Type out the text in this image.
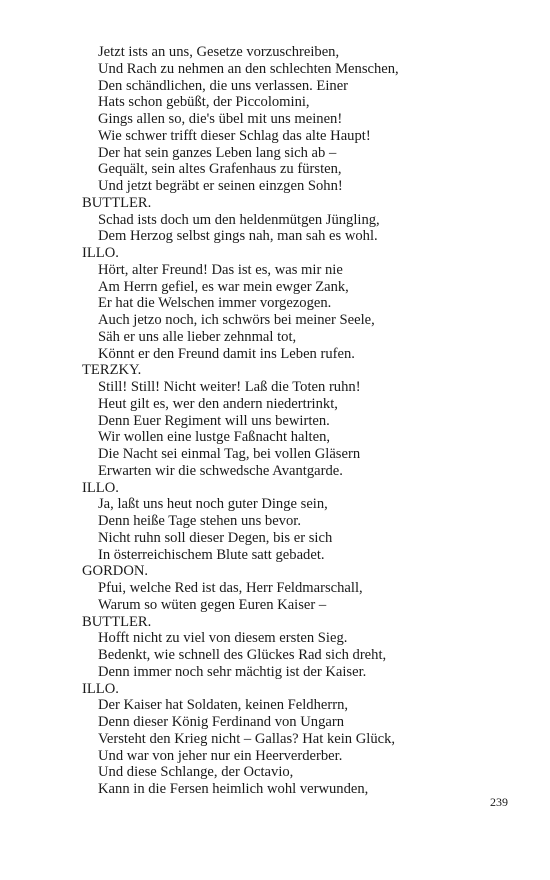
Jetzt ists an uns, Gesetze vorzuschreiben,
Und Rach zu nehmen an den schlechten Menschen,
Den schändlichen, die uns verlassen. Einer
Hats schon gebüßt, der Piccolomini,
Gings allen so, die's übel mit uns meinen!
Wie schwer trifft dieser Schlag das alte Haupt!
Der hat sein ganzes Leben lang sich ab –
Gequält, sein altes Grafenhaus zu fürsten,
Und jetzt begräbt er seinen einzgen Sohn!
BUTTLER.
Schad ists doch um den heldenmütgen Jüngling,
Dem Herzog selbst gings nah, man sah es wohl.
ILLO.
Hört, alter Freund! Das ist es, was mir nie
Am Herrn gefiel, es war mein ewger Zank,
Er hat die Welschen immer vorgezogen.
Auch jetzo noch, ich schwörs bei meiner Seele,
Säh er uns alle lieber zehnmal tot,
Könnt er den Freund damit ins Leben rufen.
TERZKY.
Still! Still! Nicht weiter! Laß die Toten ruhn!
Heut gilt es, wer den andern niedertrinkt,
Denn Euer Regiment will uns bewirten.
Wir wollen eine lustge Faßnacht halten,
Die Nacht sei einmal Tag, bei vollen Gläsern
Erwarten wir die schwedsche Avantgarde.
ILLO.
Ja, laßt uns heut noch guter Dinge sein,
Denn heiße Tage stehen uns bevor.
Nicht ruhn soll dieser Degen, bis er sich
In österreichischem Blute satt gebadet.
GORDON.
Pfui, welche Red ist das, Herr Feldmarschall,
Warum so wüten gegen Euren Kaiser –
BUTTLER.
Hofft nicht zu viel von diesem ersten Sieg.
Bedenkt, wie schnell des Glückes Rad sich dreht,
Denn immer noch sehr mächtig ist der Kaiser.
ILLO.
Der Kaiser hat Soldaten, keinen Feldherrn,
Denn dieser König Ferdinand von Ungarn
Versteht den Krieg nicht – Gallas? Hat kein Glück,
Und war von jeher nur ein Heerverderber.
Und diese Schlange, der Octavio,
Kann in die Fersen heimlich wohl verwunden,
239
